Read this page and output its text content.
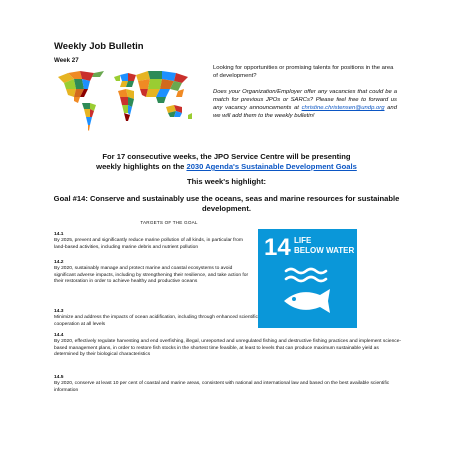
Weekly Job Bulletin
Week 27

Looking for opportunities or promising talents for positions in the area of development?

Does your Organization/Employer offer any vacancies that could be a match for previous JPOs or SARCs? Please feel free to forward us any vacancy announcements at christine.christensen@undp.org and we will add them to the weekly bulletin!

For 17 consecutive weeks, the JPO Service Centre will be presenting
weekly highlights on the 2030 Agenda's Sustainable Development Goals
This week's highlight:
Goal #14: Conserve and sustainably use the oceans, seas and marine resources for sustainable development.
TARGETS OF THE GOAL
14.1
By 2025, prevent and significantly reduce marine pollution of all kinds, in particular from land-based activities, including marine debris and nutrient pollution
14.2
By 2020, sustainably manage and protect marine and coastal ecosystems to avoid significant adverse impacts, including by strengthening their resilience, and take action for their restoration in order to achieve healthy and productive oceans
14.3
Minimize and address the impacts of ocean acidification, including through enhanced scientific cooperation at all levels
14.4
By 2020, effectively regulate harvesting and end overfishing, illegal, unreported and unregulated fishing and destructive fishing practices and implement science-based management plans, in order to restore fish stocks in the shortest time feasible, at least to levels that can produce maximum sustainable yield as determined by their biological characteristics
14.5
By 2020, conserve at least 10 per cent of coastal and marine areas, consistent with national and international law and based on the best available scientific information
14 LIFE
BELOW WATER
